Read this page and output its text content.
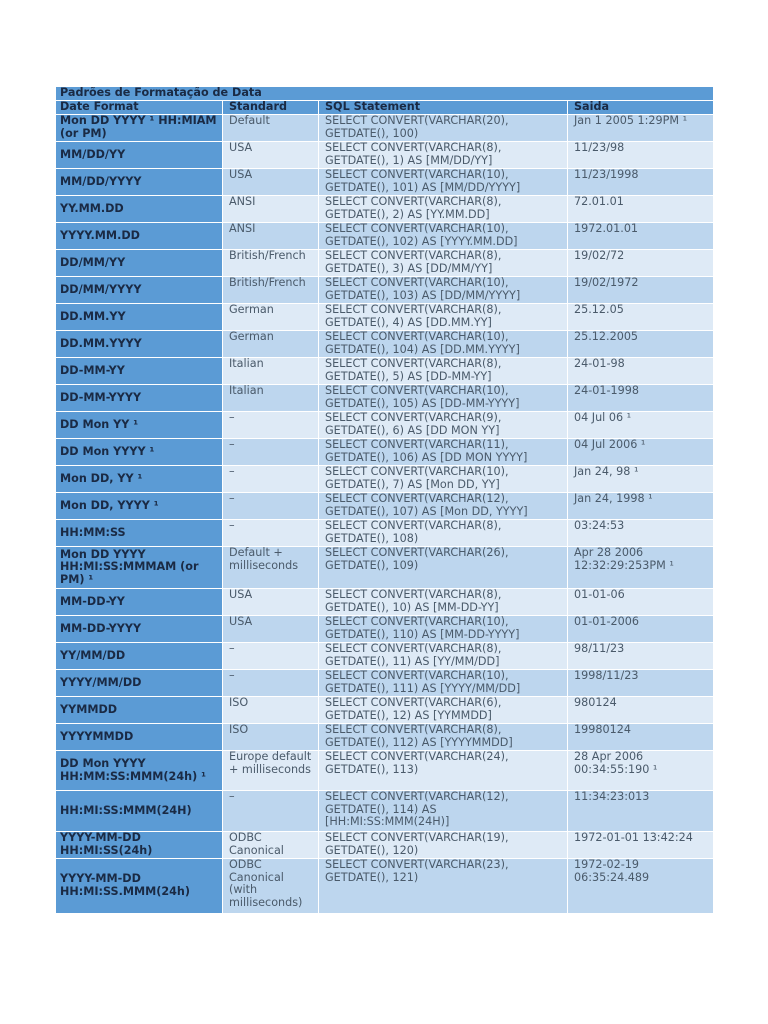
Padrões de Formatação de Data			
Date Format	Standard	SQL Statement	Saida
Mon DD YYYY ¹ HH:MIAM (or PM)	Default	SELECT CONVERT(VARCHAR(20), GETDATE(), 100)	Jan 1 2005 1:29PM ¹
MM/DD/YY	USA	SELECT CONVERT(VARCHAR(8), GETDATE(), 1) AS [MM/DD/YY]	11/23/98
MM/DD/YYYY	USA	SELECT CONVERT(VARCHAR(10), GETDATE(), 101) AS [MM/DD/YYYY]	11/23/1998
YY.MM.DD	ANSI	SELECT CONVERT(VARCHAR(8), GETDATE(), 2) AS [YY.MM.DD]	72.01.01
YYYY.MM.DD	ANSI	SELECT CONVERT(VARCHAR(10), GETDATE(), 102) AS [YYYY.MM.DD]	1972.01.01
DD/MM/YY	British/French	SELECT CONVERT(VARCHAR(8), GETDATE(), 3) AS [DD/MM/YY]	19/02/72
DD/MM/YYYY	British/French	SELECT CONVERT(VARCHAR(10), GETDATE(), 103) AS [DD/MM/YYYY]	19/02/1972
DD.MM.YY	German	SELECT CONVERT(VARCHAR(8), GETDATE(), 4) AS [DD.MM.YY]	25.12.05
DD.MM.YYYY	German	SELECT CONVERT(VARCHAR(10), GETDATE(), 104) AS [DD.MM.YYYY]	25.12.2005
DD-MM-YY	Italian	SELECT CONVERT(VARCHAR(8), GETDATE(), 5) AS [DD-MM-YY]	24-01-98
DD-MM-YYYY	Italian	SELECT CONVERT(VARCHAR(10), GETDATE(), 105) AS [DD-MM-YYYY]	24-01-1998
DD Mon YY ¹	–	SELECT CONVERT(VARCHAR(9), GETDATE(), 6) AS [DD MON YY]	04 Jul 06 ¹
DD Mon YYYY ¹	–	SELECT CONVERT(VARCHAR(11), GETDATE(), 106) AS [DD MON YYYY]	04 Jul 2006 ¹
Mon DD, YY ¹	–	SELECT CONVERT(VARCHAR(10), GETDATE(), 7) AS [Mon DD, YY]	Jan 24, 98 ¹
Mon DD, YYYY ¹	–	SELECT CONVERT(VARCHAR(12), GETDATE(), 107) AS [Mon DD, YYYY]	Jan 24, 1998 ¹
HH:MM:SS	–	SELECT CONVERT(VARCHAR(8), GETDATE(), 108)	03:24:53
Mon DD YYYY HH:MI:SS:MMMAM (or PM) ¹	Default + milliseconds	SELECT CONVERT(VARCHAR(26), GETDATE(), 109)	Apr 28 2006 12:32:29:253PM ¹
MM-DD-YY	USA	SELECT CONVERT(VARCHAR(8), GETDATE(), 10) AS [MM-DD-YY]	01-01-06
MM-DD-YYYY	USA	SELECT CONVERT(VARCHAR(10), GETDATE(), 110) AS [MM-DD-YYYY]	01-01-2006
YY/MM/DD	–	SELECT CONVERT(VARCHAR(8), GETDATE(), 11) AS [YY/MM/DD]	98/11/23
YYYY/MM/DD	–	SELECT CONVERT(VARCHAR(10), GETDATE(), 111) AS [YYYY/MM/DD]	1998/11/23
YYMMDD	ISO	SELECT CONVERT(VARCHAR(6), GETDATE(), 12) AS [YYMMDD]	980124
YYYYMMDD	ISO	SELECT CONVERT(VARCHAR(8), GETDATE(), 112) AS [YYYYMMDD]	19980124
DD Mon YYYY HH:MM:SS:MMM(24h) ¹	Europe default + milliseconds	SELECT CONVERT(VARCHAR(24), GETDATE(), 113)	28 Apr 2006 00:34:55:190 ¹
HH:MI:SS:MMM(24H)	–	SELECT CONVERT(VARCHAR(12), GETDATE(), 114) AS [HH:MI:SS:MMM(24H)]	11:34:23:013
YYYY-MM-DD HH:MI:SS(24h)	ODBC Canonical	SELECT CONVERT(VARCHAR(19), GETDATE(), 120)	1972-01-01 13:42:24
YYYY-MM-DD HH:MI:SS.MMM(24h)	ODBC Canonical (with milliseconds)	SELECT CONVERT(VARCHAR(23), GETDATE(), 121)	1972-02-19 06:35:24.489
